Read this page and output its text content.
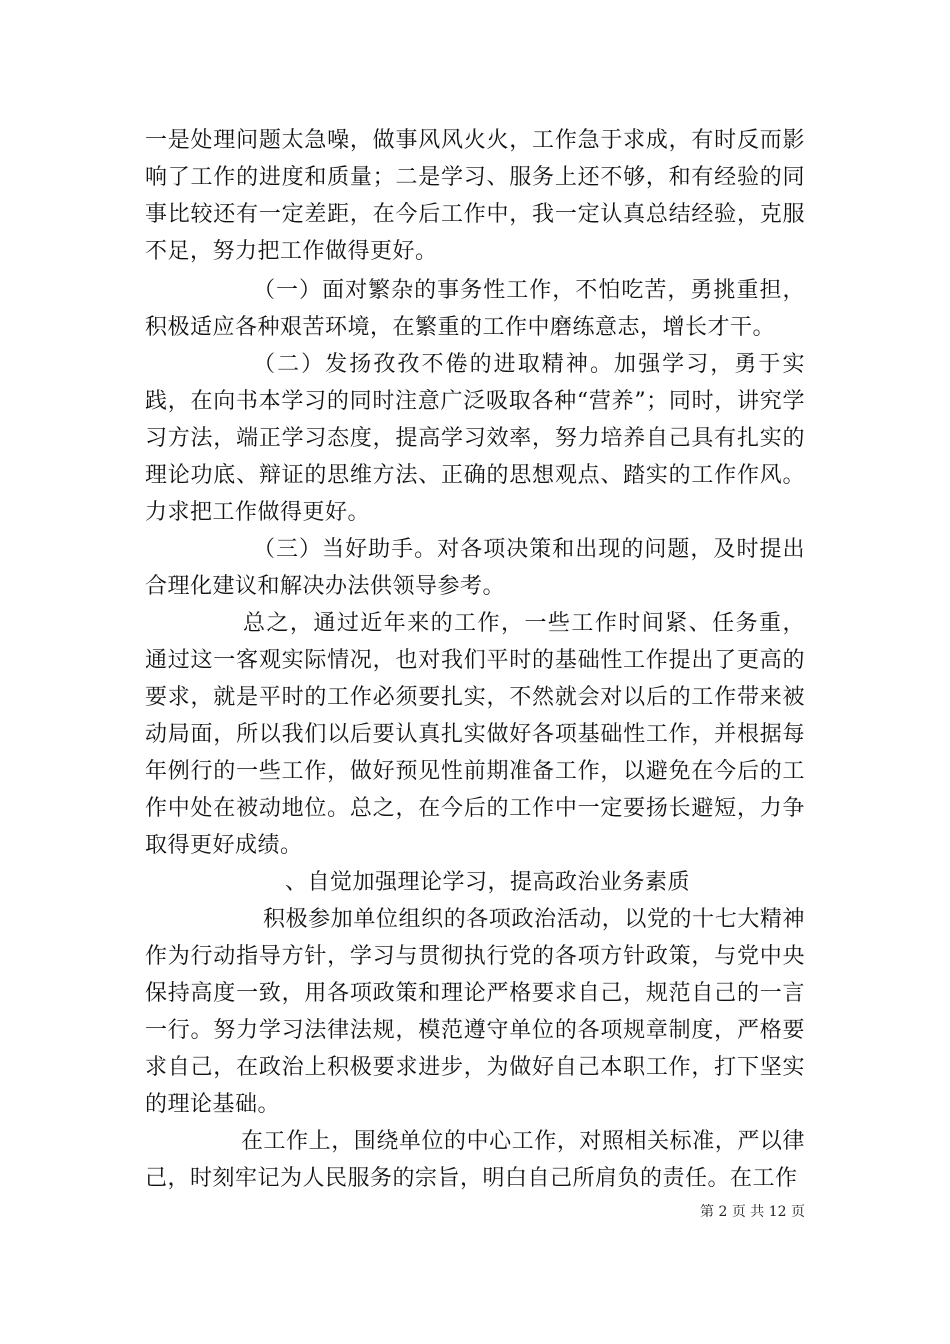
一是处理问题太急噪，做事风风火火，工作急于求成，有时反而影响了工作的进度和质量；二是学习、服务上还不够，和有经验的同事比较还有一定差距，在今后工作中，我一定认真总结经验，克服不足，努力把工作做得更好。

（一）面对繁杂的事务性工作，不怕吃苦，勇挑重担，积极适应各种艰苦环境，在繁重的工作中磨练意志，增长才干。

（二）发扬孜孜不倦的进取精神。加强学习，勇于实践，在向书本学习的同时注意广泛吸取各种“营养”；同时，讲究学习方法，端正学习态度，提高学习效率，努力培养自己具有扎实的理论功底、辩证的思维方法、正确的思想观点、踏实的工作作风。力求把工作做得更好。

（三）当好助手。对各项决策和出现的问题，及时提出合理化建议和解决办法供领导参考。

总之，通过近年来的工作，一些工作时间紧、任务重，通过这一客观实际情况，也对我们平时的基础性工作提出了更高的要求，就是平时的工作必须要扎实，不然就会对以后的工作带来被动局面，所以我们以后要认真扎实做好各项基础性工作，并根据每年例行的一些工作，做好预见性前期准备工作，以避免在今后的工作中处在被动地位。总之，在今后的工作中一定要扬长避短，力争取得更好成绩。

、自觉加强理论学习，提高政治业务素质

积极参加单位组织的各项政治活动，以党的十七大精神作为行动指导方针，学习与贯彻执行党的各项方针政策，与党中央保持高度一致，用各项政策和理论严格要求自己，规范自己的一言一行。努力学习法律法规，模范遵守单位的各项规章制度，严格要求自己，在政治上积极要求进步，为做好自己本职工作，打下坚实的理论基础。

在工作上，围绕单位的中心工作，对照相关标准，严以律己，时刻牢记为人民服务的宗旨，明白自己所肩负的责任。在工作

第 2 页 共 12 页
